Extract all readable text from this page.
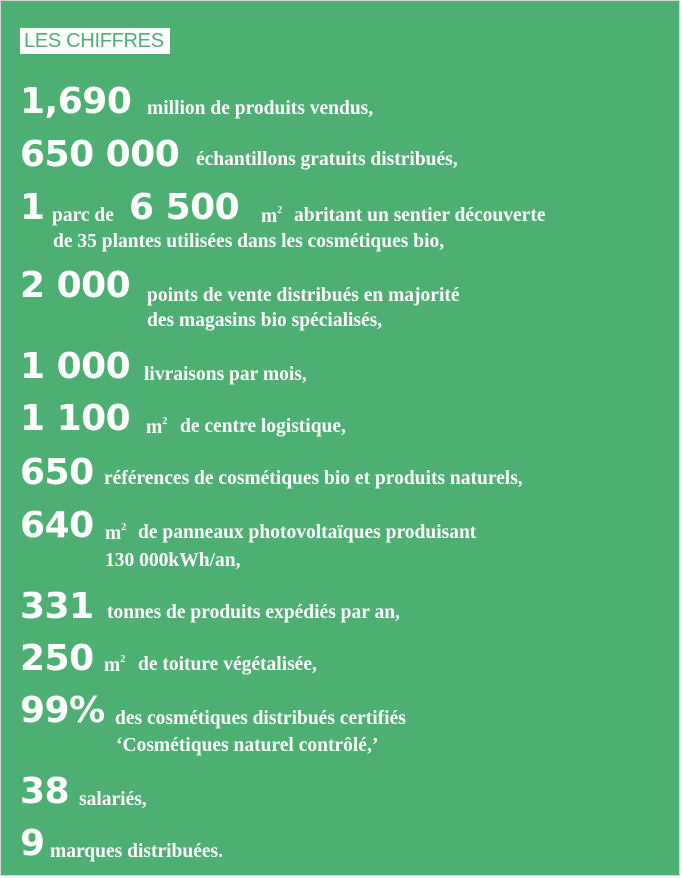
LES CHIFFRES
1,690 million de produits vendus,
650 000 échantillons gratuits distribués,
1 parc de 6 500 $m^2$ abritant un sentier découverte
de 35 plantes utilisées dans les cosmétiques bio,
2 000 points de vente distribués en majorité
des magasins bio spécialisés,
1 000 livraisons par mois,
1 100 $m^2$ de centre logistique,
650 références de cosmétiques bio et produits naturels,
640 $m^2$ de panneaux photovoltaïques produisant
130 000kWh/an,
331 tonnes de produits expédiés par an,
250 $m^2$ de toiture végétalisée,
99% des cosmétiques distribués certifiés
‘Cosmétiques naturel contrôlé,’
38 salariés,
9 marques distribuées.
